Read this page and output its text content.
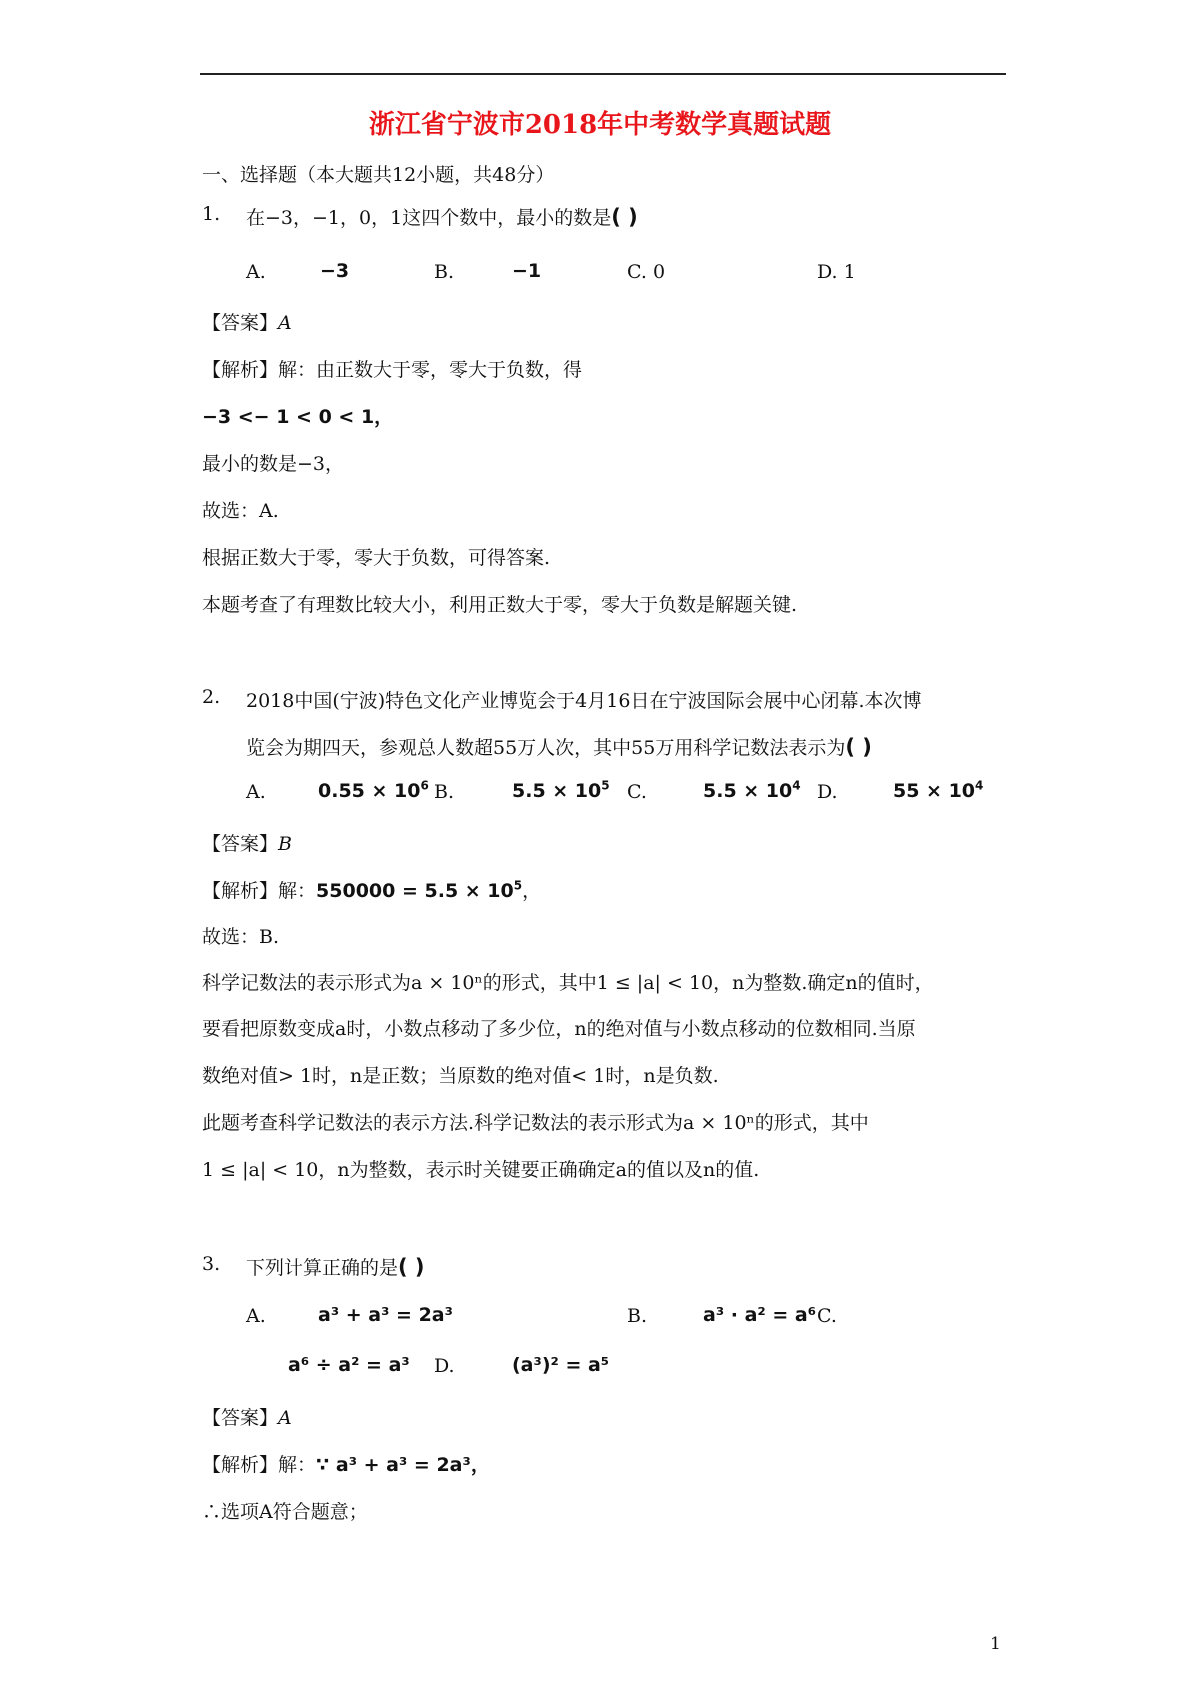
浙江省宁波市2018年中考数学真题试题
一、选择题（本大题共12小题，共48分）
1. 在−3，−1，0，1这四个数中，最小的数是( )
A.	−3	B.	−1	C. 0	D. 1
【答案】A
【解析】解：由正数大于零，零大于负数，得
−3 <− 1 < 0 < 1，
最小的数是−3，
故选：A.
根据正数大于零，零大于负数，可得答案.
本题考查了有理数比较大小，利用正数大于零，零大于负数是解题关键.
2. 2018中国(宁波)特色文化产业博览会于4月16日在宁波国际会展中心闭幕.本次博
览会为期四天，参观总人数超55万人次，其中55万用科学记数法表示为( )
A.	$0.55 \times 10^6$ B.	$5.5 \times 10^5$ C.	$5.5 \times 10^4$ D.	$55 \times 10^4$
【答案】B
【解析】解：$550000 = 5.5 \times 10^5$，
故选：B.
科学记数法的表示形式为a × 10ⁿ的形式，其中1 ≤ |a| < 10，n为整数.确定n的值时，
要看把原数变成a时，小数点移动了多少位，n的绝对值与小数点移动的位数相同.当原
数绝对值> 1时，n是正数；当原数的绝对值< 1时，n是负数.
此题考查科学记数法的表示方法.科学记数法的表示形式为a × 10ⁿ的形式，其中
1 ≤ |a| < 10，n为整数，表示时关键要正确确定a的值以及n的值.
3. 下列计算正确的是( )
A.	a³ + a³ = 2a³	B.	a³ · a² = a⁶ C.
a⁶ ÷ a² = a³ D.	(a³)² = a⁵
【答案】A
【解析】解：∵ a³ + a³ = 2a³，
∴选项A符合题意；
1
